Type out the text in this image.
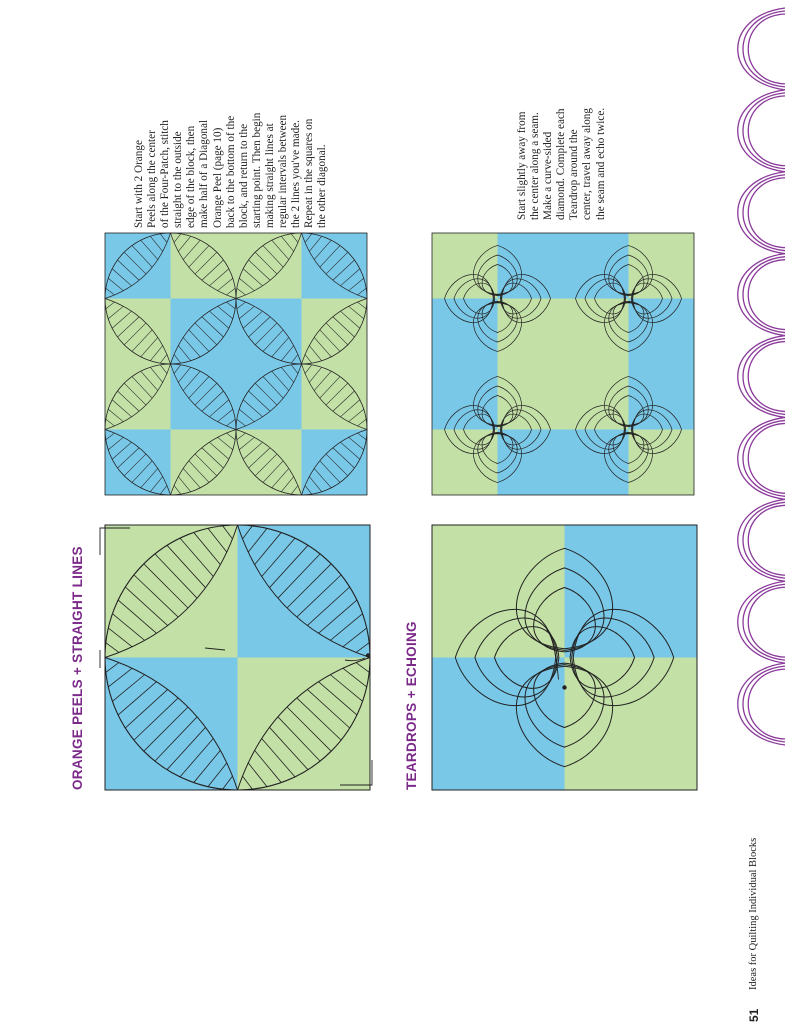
51
Ideas for Quilting Individual Blocks
ORANGE PEELS + STRAIGHT LINES	TEARDROPS + ECHOING
Start with 2 Orange Peels along the center of the Four-Patch, stitch straight to the outside edge of the block, then make half of a Diagonal Orange Peel (page 10) back to the bottom of the block, and return to the starting point. Then begin making straight lines at regular intervals between the 2 lines you've made. Repeat in the squares on the other diagonal.	Start slightly away from the center along a seam. Make a curve-sided diamond. Complete each Teardrop around the center, travel away along the seam and echo twice.
